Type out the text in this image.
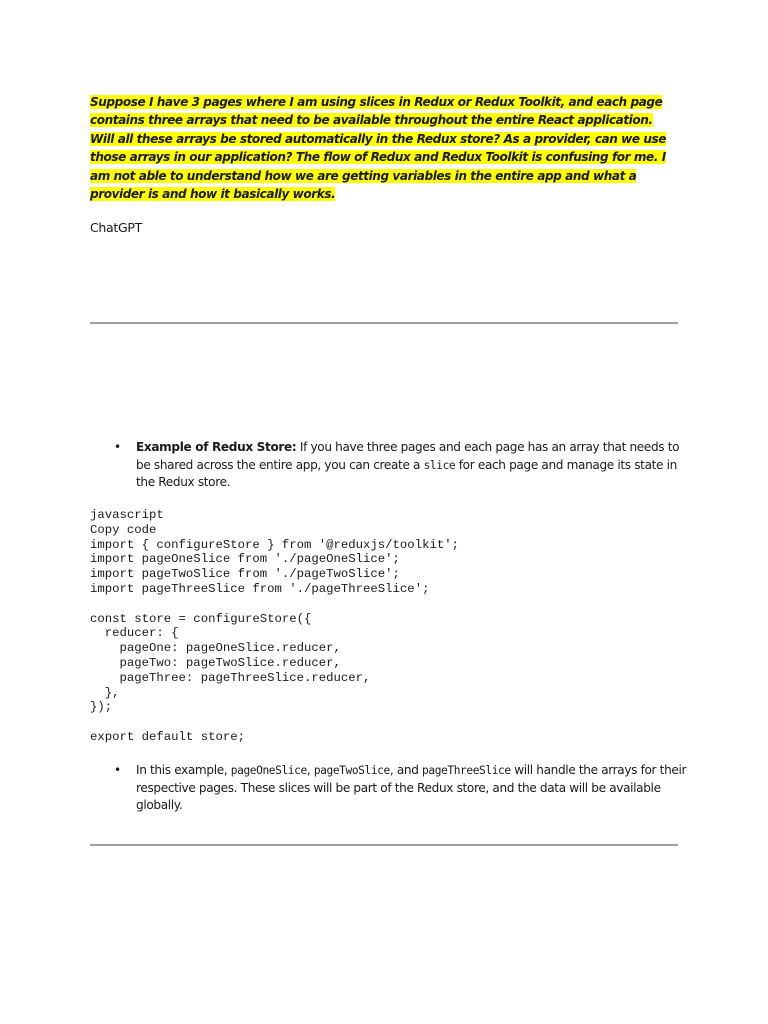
Suppose I have 3 pages where I am using slices in Redux or Redux Toolkit, and each page contains three arrays that need to be available throughout the entire React application. Will all these arrays be stored automatically in the Redux store? As a provider, can we use those arrays in our application? The flow of Redux and Redux Toolkit is confusing for me. I am not able to understand how we are getting variables in the entire app and what a provider is and how it basically works.

ChatGPT

• Example of Redux Store: If you have three pages and each page has an array that needs to be shared across the entire app, you can create a slice for each page and manage its state in the Redux store.

javascript
Copy code
import { configureStore } from '@reduxjs/toolkit';
import pageOneSlice from './pageOneSlice';
import pageTwoSlice from './pageTwoSlice';
import pageThreeSlice from './pageThreeSlice';
const store = configureStore({
reducer: {
pageOne: pageOneSlice.reducer,
pageTwo: pageTwoSlice.reducer,
pageThree: pageThreeSlice.reducer,
},
});
export default store;

• In this example, pageOneSlice, pageTwoSlice, and pageThreeSlice will handle the arrays for their respective pages. These slices will be part of the Redux store, and the data will be available globally.
